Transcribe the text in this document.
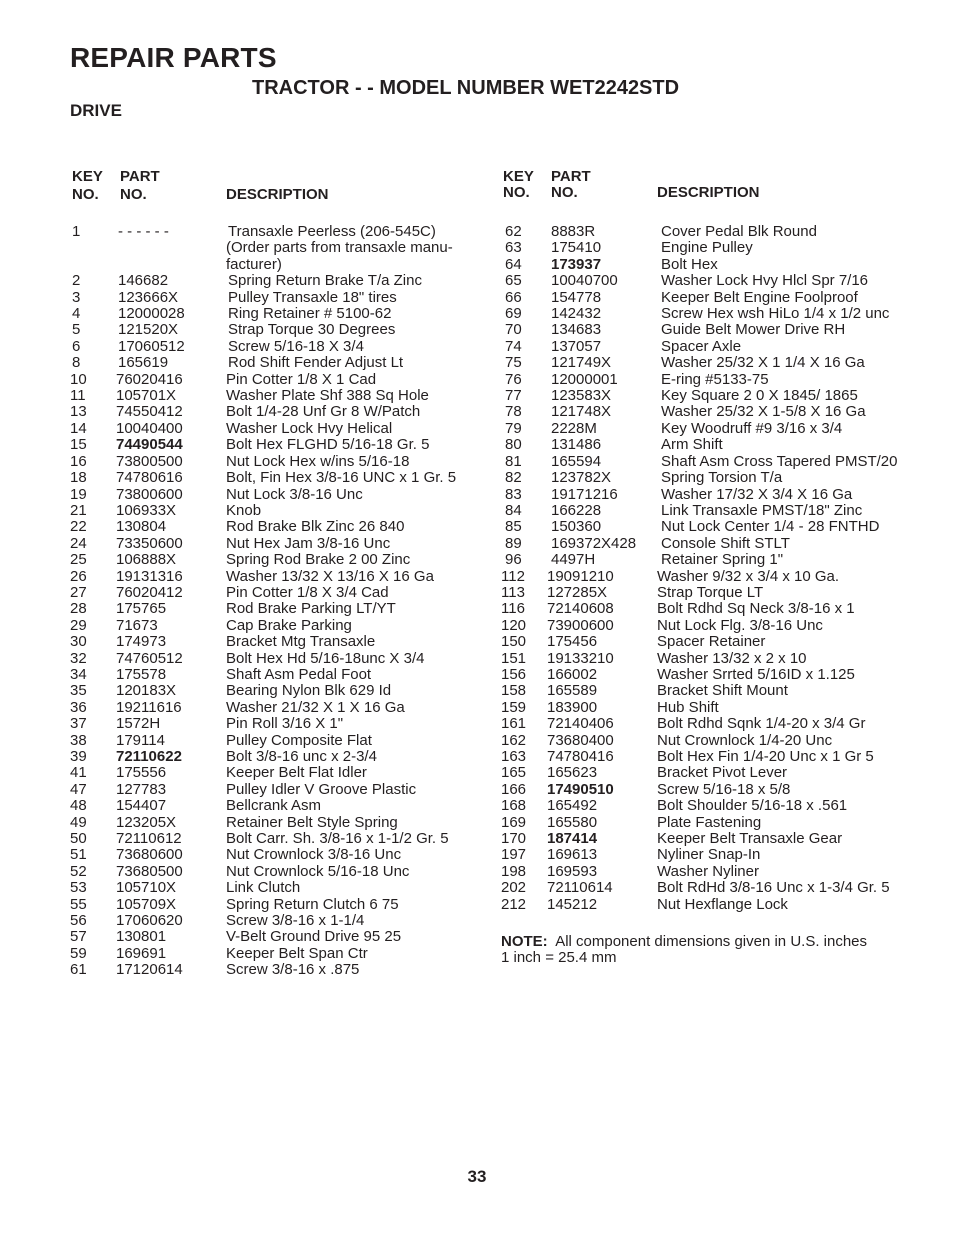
REPAIR PARTS
TRACTOR - - MODEL NUMBER WET2242STD
DRIVE
KEY
NO.
PART
NO.	DESCRIPTION
1	- - - - - -	Transaxle Peerless (206-545C)
(Order parts from transaxle manu-
facturer)
2	146682	Spring Return Brake T/a Zinc
3	123666X	Pulley Transaxle 18" tires
4	12000028	Ring Retainer # 5100-62
5	121520X	Strap Torque 30 Degrees
6	17060512	Screw 5/16-18 X 3/4
8	165619	Rod Shift Fender Adjust Lt
10	76020416	Pin Cotter 1/8 X 1 Cad
11	105701X	Washer Plate Shf 388 Sq Hole
13	74550412	Bolt 1/4-28 Unf Gr 8 W/Patch
14	10040400	Washer Lock Hvy Helical
15	74490544	Bolt Hex FLGHD 5/16-18 Gr. 5
16	73800500	Nut Lock Hex w/ins 5/16-18
18	74780616	Bolt, Fin Hex 3/8-16 UNC x 1 Gr. 5
19	73800600	Nut Lock 3/8-16 Unc
21	106933X	Knob
22	130804	Rod Brake Blk Zinc 26 840
24	73350600	Nut Hex Jam 3/8-16 Unc
25	106888X	Spring Rod Brake 2 00 Zinc
26	19131316	Washer 13/32 X 13/16 X 16 Ga
27	76020412	Pin Cotter 1/8 X 3/4 Cad
28	175765	Rod Brake Parking LT/YT
29	71673	Cap Brake Parking
30	174973	Bracket Mtg Transaxle
32	74760512	Bolt Hex Hd 5/16-18unc X 3/4
34	175578	Shaft Asm Pedal Foot
35	120183X	Bearing Nylon Blk 629 Id
36	19211616	Washer 21/32 X 1 X 16 Ga
37	1572H	Pin Roll 3/16 X 1"
38	179114	Pulley Composite Flat
39	72110622	Bolt 3/8-16 unc x 2-3/4
41	175556	Keeper Belt Flat Idler
47	127783	Pulley Idler V Groove Plastic
48	154407	Bellcrank Asm
49	123205X	Retainer Belt Style Spring
50	72110612	Bolt Carr. Sh. 3/8-16 x 1-1/2 Gr. 5
51	73680600	Nut Crownlock 3/8-16 Unc
52	73680500	Nut Crownlock 5/16-18 Unc
53	105710X	Link Clutch
55	105709X	Spring Return Clutch 6 75
56	17060620	Screw 3/8-16 x 1-1/4
57	130801	V-Belt Ground Drive 95 25
59	169691	Keeper Belt Span Ctr
61	17120614	Screw 3/8-16 x .875
KEY
NO.
PART
NO.	DESCRIPTION
62	8883R	Cover Pedal Blk Round
63	175410	Engine Pulley
64	173937	Bolt Hex
65	10040700	Washer Lock Hvy Hlcl Spr 7/16
66	154778	Keeper Belt Engine Foolproof
69	142432	Screw Hex wsh HiLo 1/4 x 1/2 unc
70	134683	Guide Belt Mower Drive RH
74	137057	Spacer Axle
75	121749X	Washer 25/32 X 1 1/4 X 16 Ga
76	12000001	E-ring #5133-75
77	123583X	Key Square 2 0 X 1845/ 1865
78	121748X	Washer 25/32 X 1-5/8 X 16 Ga
79	2228M	Key Woodruff #9 3/16 x 3/4
80	131486	Arm Shift
81	165594	Shaft Asm Cross Tapered PMST/20
82	123782X	Spring Torsion T/a
83	19171216	Washer 17/32 X 3/4 X 16 Ga
84	166228	Link Transaxle PMST/18" Zinc
85	150360	Nut Lock Center 1/4 - 28 FNTHD
89	169372X428	Console Shift STLT
96	4497H	Retainer Spring 1"
112	19091210	Washer 9/32 x 3/4 x 10 Ga.
113	127285X	Strap Torque LT
116	72140608	Bolt Rdhd Sq Neck 3/8-16 x 1
120	73900600	Nut Lock Flg. 3/8-16 Unc
150	175456	Spacer Retainer
151	19133210	Washer 13/32 x 2 x 10
156	166002	Washer Srrted 5/16ID x 1.125
158	165589	Bracket Shift Mount
159	183900	Hub Shift
161	72140406	Bolt Rdhd Sqnk 1/4-20 x 3/4 Gr
162	73680400	Nut Crownlock 1/4-20 Unc
163	74780416	Bolt Hex Fin 1/4-20 Unc x 1 Gr 5
165	165623	Bracket Pivot Lever
166	17490510	Screw 5/16-18 x 5/8
168	165492	Bolt Shoulder 5/16-18 x .561
169	165580	Plate Fastening
170	187414	Keeper Belt Transaxle Gear
197	169613	Nyliner Snap-In
198	169593	Washer Nyliner
202	72110614	Bolt RdHd 3/8-16 Unc x 1-3/4 Gr. 5
212	145212	Nut Hexflange Lock
NOTE: All component dimensions given in U.S. inches
1 inch = 25.4 mm
33
